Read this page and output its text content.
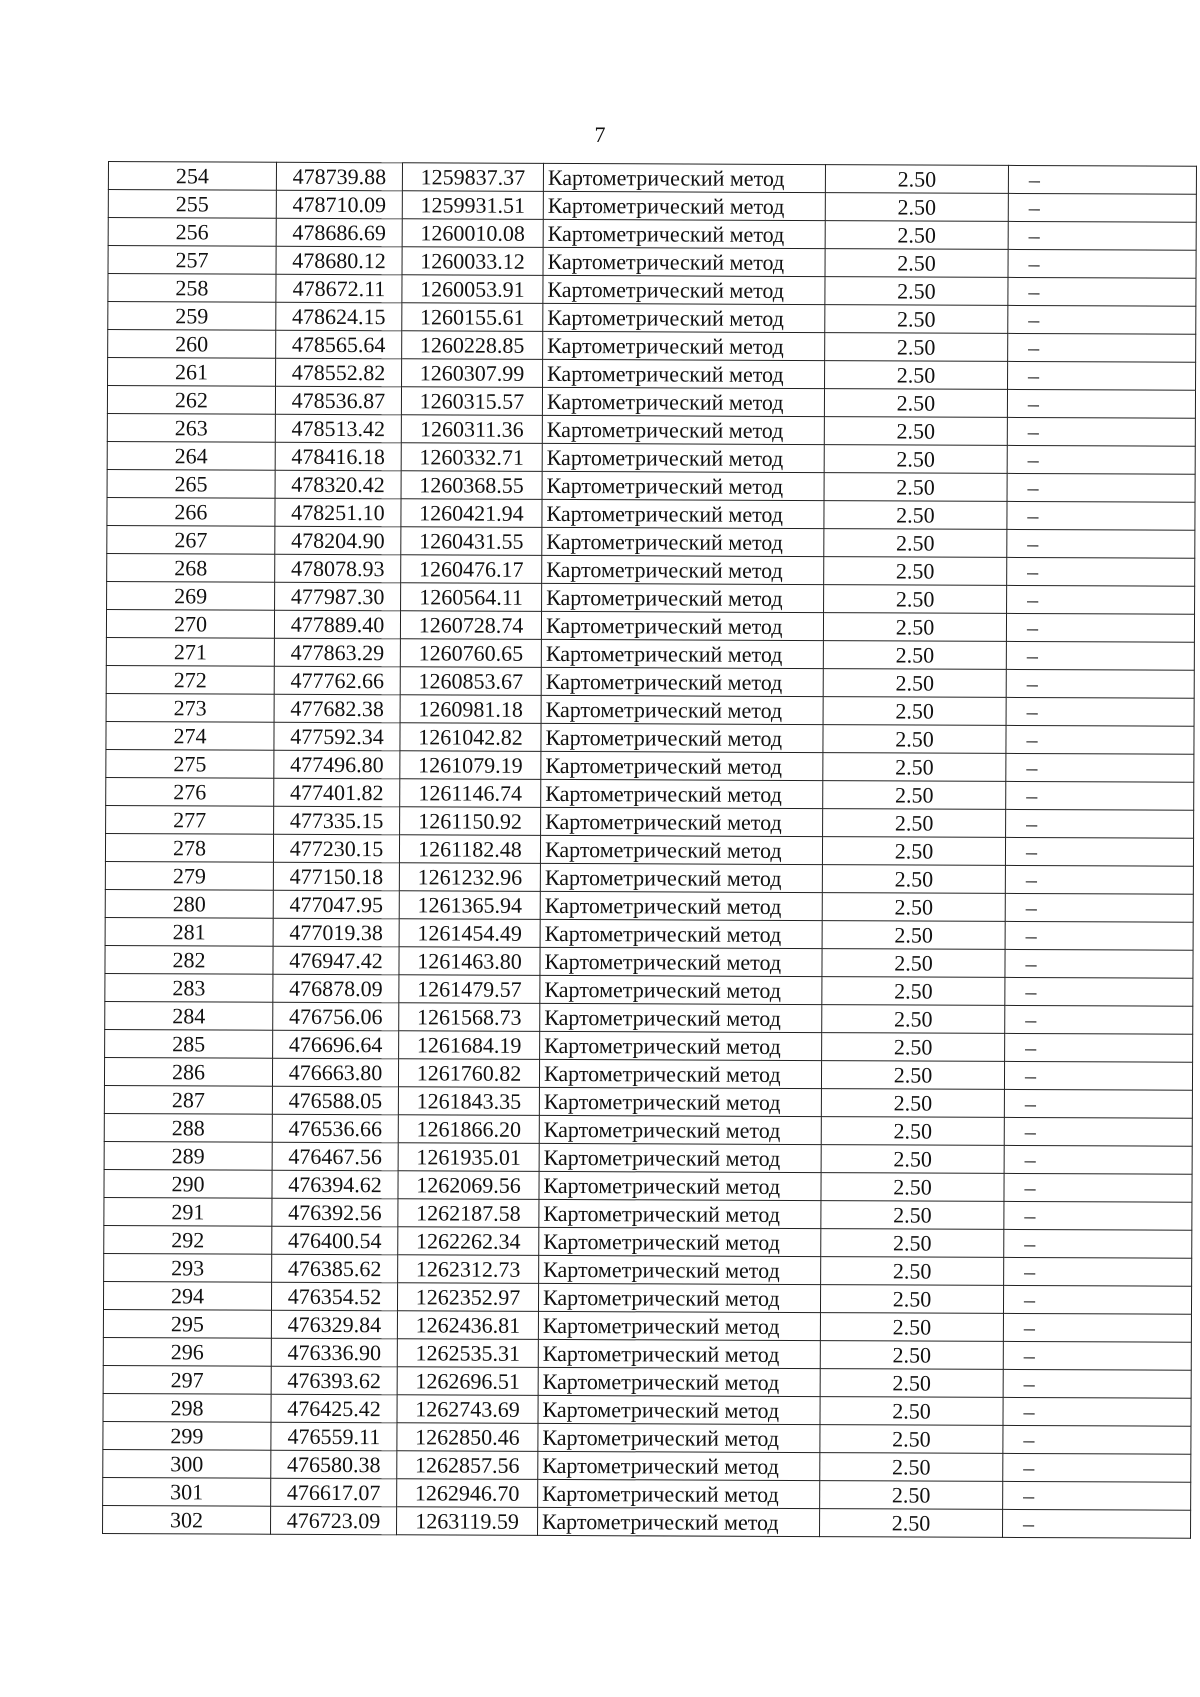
7
254	478739.88	1259837.37	Картометрический метод	2.50	–
255	478710.09	1259931.51	Картометрический метод	2.50	–
256	478686.69	1260010.08	Картометрический метод	2.50	–
257	478680.12	1260033.12	Картометрический метод	2.50	–
258	478672.11	1260053.91	Картометрический метод	2.50	–
259	478624.15	1260155.61	Картометрический метод	2.50	–
260	478565.64	1260228.85	Картометрический метод	2.50	–
261	478552.82	1260307.99	Картометрический метод	2.50	–
262	478536.87	1260315.57	Картометрический метод	2.50	–
263	478513.42	1260311.36	Картометрический метод	2.50	–
264	478416.18	1260332.71	Картометрический метод	2.50	–
265	478320.42	1260368.55	Картометрический метод	2.50	–
266	478251.10	1260421.94	Картометрический метод	2.50	–
267	478204.90	1260431.55	Картометрический метод	2.50	–
268	478078.93	1260476.17	Картометрический метод	2.50	–
269	477987.30	1260564.11	Картометрический метод	2.50	–
270	477889.40	1260728.74	Картометрический метод	2.50	–
271	477863.29	1260760.65	Картометрический метод	2.50	–
272	477762.66	1260853.67	Картометрический метод	2.50	–
273	477682.38	1260981.18	Картометрический метод	2.50	–
274	477592.34	1261042.82	Картометрический метод	2.50	–
275	477496.80	1261079.19	Картометрический метод	2.50	–
276	477401.82	1261146.74	Картометрический метод	2.50	–
277	477335.15	1261150.92	Картометрический метод	2.50	–
278	477230.15	1261182.48	Картометрический метод	2.50	–
279	477150.18	1261232.96	Картометрический метод	2.50	–
280	477047.95	1261365.94	Картометрический метод	2.50	–
281	477019.38	1261454.49	Картометрический метод	2.50	–
282	476947.42	1261463.80	Картометрический метод	2.50	–
283	476878.09	1261479.57	Картометрический метод	2.50	–
284	476756.06	1261568.73	Картометрический метод	2.50	–
285	476696.64	1261684.19	Картометрический метод	2.50	–
286	476663.80	1261760.82	Картометрический метод	2.50	–
287	476588.05	1261843.35	Картометрический метод	2.50	–
288	476536.66	1261866.20	Картометрический метод	2.50	–
289	476467.56	1261935.01	Картометрический метод	2.50	–
290	476394.62	1262069.56	Картометрический метод	2.50	–
291	476392.56	1262187.58	Картометрический метод	2.50	–
292	476400.54	1262262.34	Картометрический метод	2.50	–
293	476385.62	1262312.73	Картометрический метод	2.50	–
294	476354.52	1262352.97	Картометрический метод	2.50	–
295	476329.84	1262436.81	Картометрический метод	2.50	–
296	476336.90	1262535.31	Картометрический метод	2.50	–
297	476393.62	1262696.51	Картометрический метод	2.50	–
298	476425.42	1262743.69	Картометрический метод	2.50	–
299	476559.11	1262850.46	Картометрический метод	2.50	–
300	476580.38	1262857.56	Картометрический метод	2.50	–
301	476617.07	1262946.70	Картометрический метод	2.50	–
302	476723.09	1263119.59	Картометрический метод	2.50	–
